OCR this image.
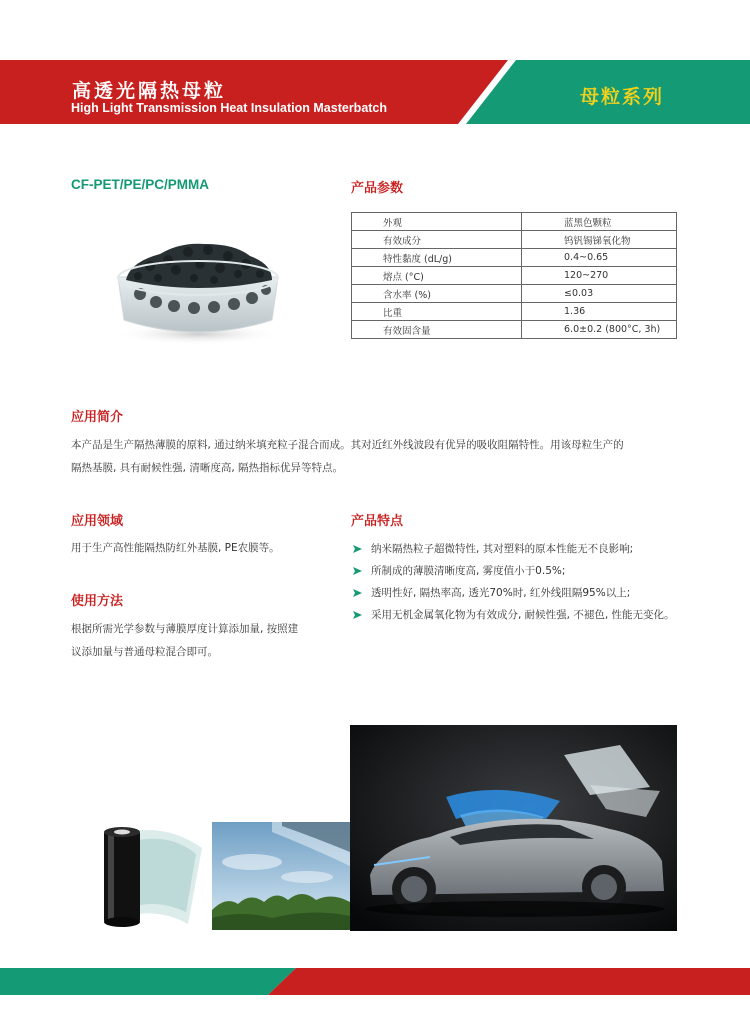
高透光隔热母粒
High Light Transmission Heat Insulation Masterbatch	母粒系列
CF-PET/PE/PC/PMMA	产品参数
外观	蓝黑色颗粒
有效成分	钨钒锡锑氧化物
特性黏度 (dL/g)	0.4~0.65
熔点 (°C)	120~270
含水率 (%)	≤0.03
比重	1.36
有效固含量	6.0±0.2 (800°C, 3h)
应用简介
本产品是生产隔热薄膜的原料, 通过纳米填充粒子混合而成。其对近红外线波段有优异的吸收阻隔特性。用该母粒生产的
隔热基膜, 具有耐候性强, 清晰度高, 隔热指标优异等特点。
应用领域
用于生产高性能隔热防红外基膜, PE农膜等。
使用方法
根据所需光学参数与薄膜厚度计算添加量, 按照建
议添加量与普通母粒混合即可。
产品特点
纳米隔热粒子超微特性, 其对塑料的原本性能无不良影响;
所制成的薄膜清晰度高, 雾度值小于0.5%;
透明性好, 隔热率高, 透光70%时, 红外线阻隔95%以上;
采用无机金属氧化物为有效成分, 耐候性强, 不褪色, 性能无变化。
